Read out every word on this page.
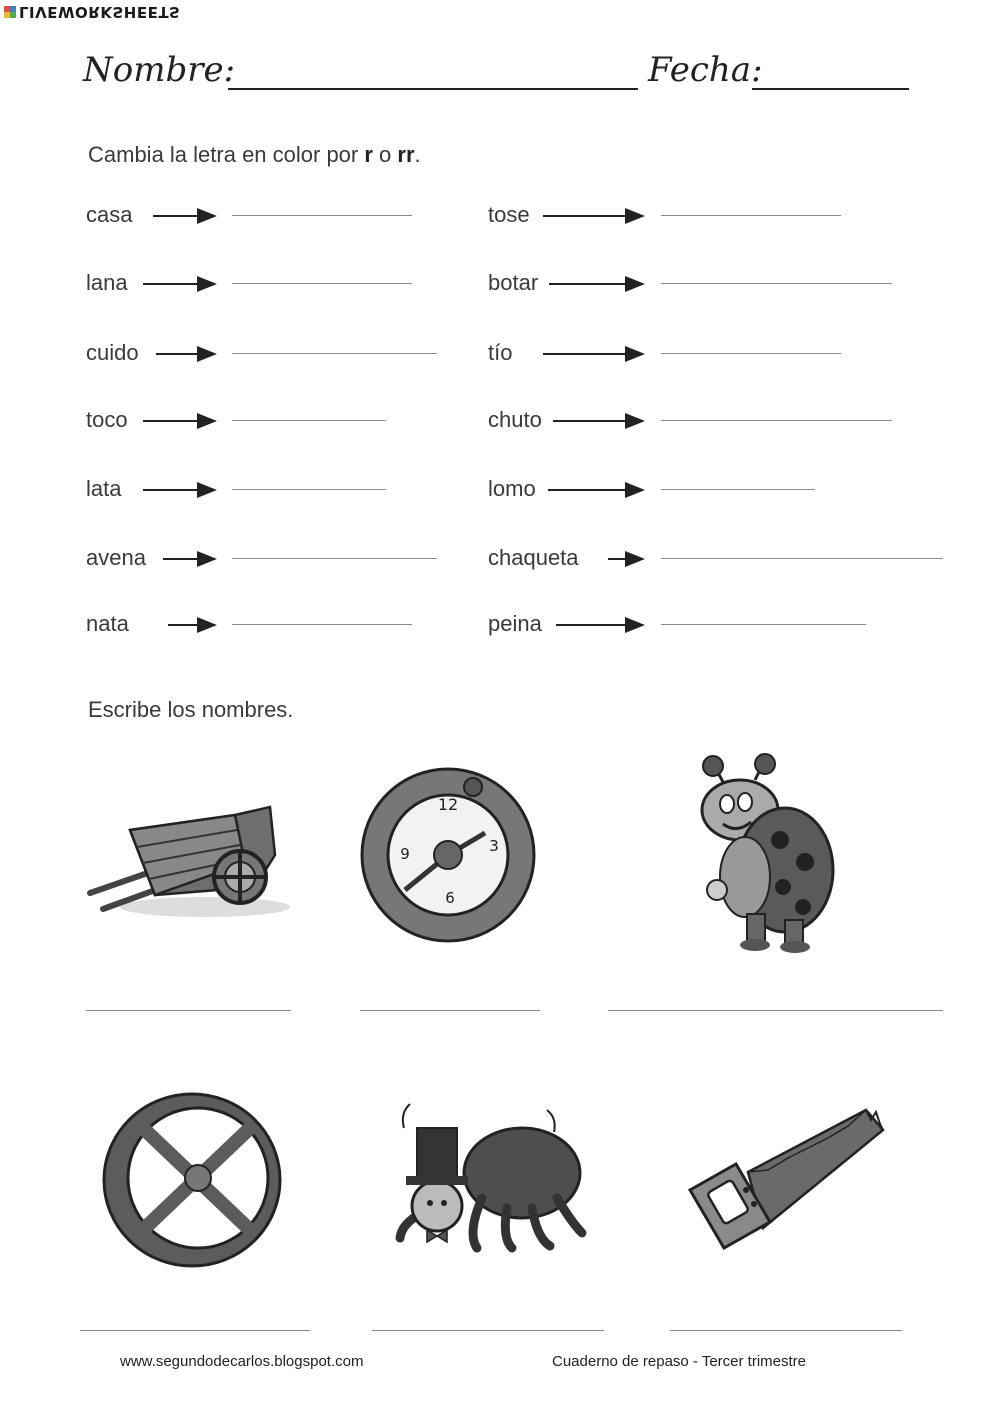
LIVEWORKSHEETS
Nombre:	Fecha:
Cambia la letra en color por r o rr.
casa
lana
cuido
toco
lata
avena
nata
tose
botar
tío
chuto
lomo
chaqueta
peina
Escribe los nombres.
12
9	3
6
www.segundodecarlos.blogspot.com	Cuaderno de repaso - Tercer trimestre
